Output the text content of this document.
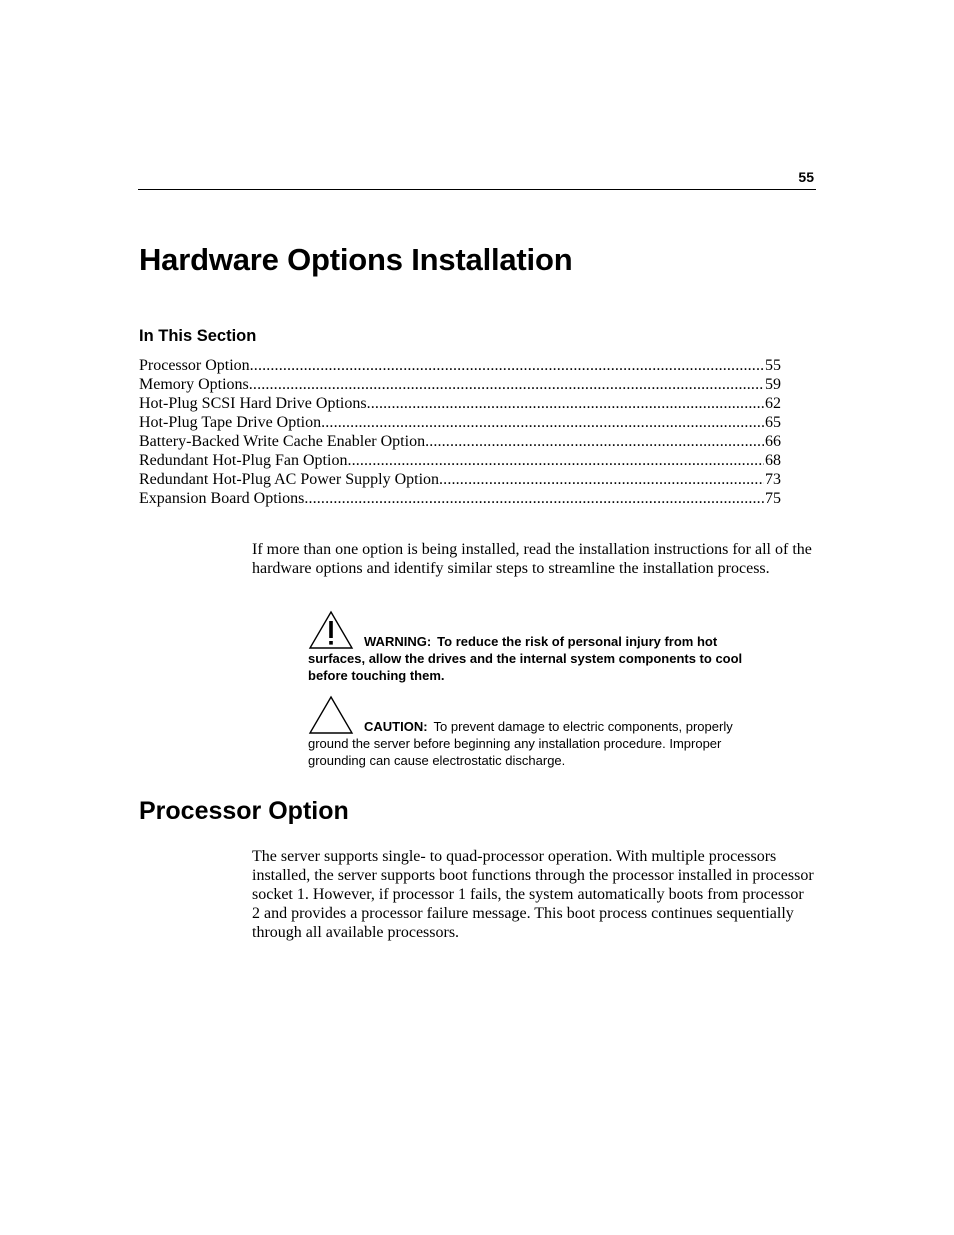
55
Hardware Options Installation
In This Section
Processor Option .....	55
Memory Options .....	59
Hot-Plug SCSI Hard Drive Options .....	62
Hot-Plug Tape Drive Option .....	65
Battery-Backed Write Cache Enabler Option .....	66
Redundant Hot-Plug Fan Option .....	68
Redundant Hot-Plug AC Power Supply Option .....	73
Expansion Board Options .....	75

If more than one option is being installed, read the installation instructions for all of the hardware options and identify similar steps to streamline the installation process.

WARNING: To reduce the risk of personal injury from hot surfaces, allow the drives and the internal system components to cool before touching them.
CAUTION: To prevent damage to electric components, properly ground the server before beginning any installation procedure. Improper grounding can cause electrostatic discharge.
Processor Option

The server supports single- to quad-processor operation. With multiple processors installed, the server supports boot functions through the processor installed in processor socket 1. However, if processor 1 fails, the system automatically boots from processor 2 and provides a processor failure message. This boot process continues sequentially through all available processors.
